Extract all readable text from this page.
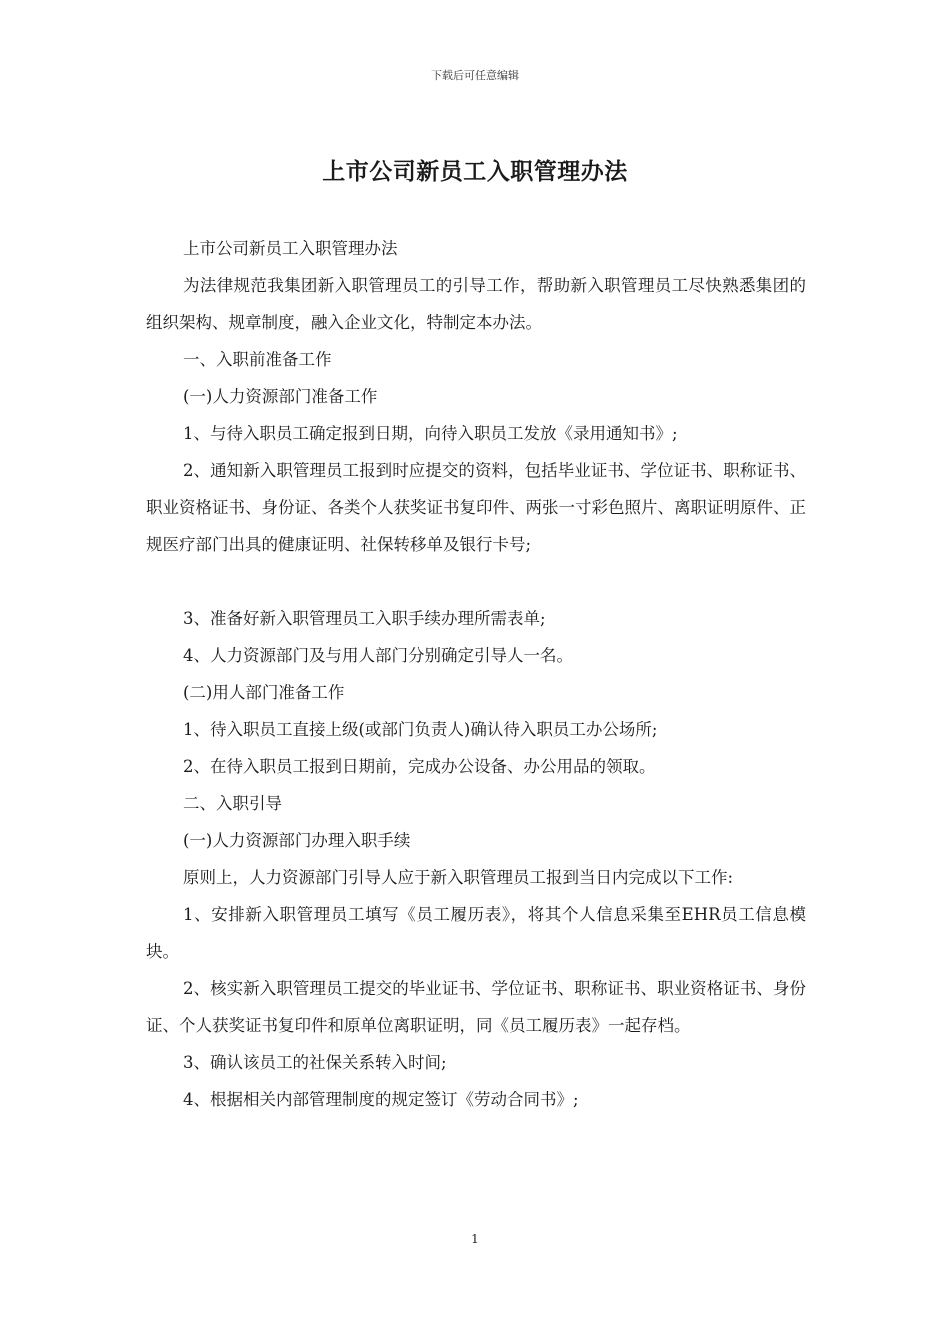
下载后可任意编辑
上市公司新员工入职管理办法

上市公司新员工入职管理办法

为法律规范我集团新入职管理员工的引导工作，帮助新入职管理员工尽快熟悉集团的组织架构、规章制度，融入企业文化，特制定本办法。

一、入职前准备工作

(一)人力资源部门准备工作

1、与待入职员工确定报到日期，向待入职员工发放《录用通知书》;

2、通知新入职管理员工报到时应提交的资料，包括毕业证书、学位证书、职称证书、职业资格证书、身份证、各类个人获奖证书复印件、两张一寸彩色照片、离职证明原件、正规医疗部门出具的健康证明、社保转移单及银行卡号;

3、准备好新入职管理员工入职手续办理所需表单;

4、人力资源部门及与用人部门分别确定引导人一名。

(二)用人部门准备工作

1、待入职员工直接上级(或部门负责人)确认待入职员工办公场所;

2、在待入职员工报到日期前，完成办公设备、办公用品的领取。

二、入职引导

(一)人力资源部门办理入职手续

原则上，人力资源部门引导人应于新入职管理员工报到当日内完成以下工作:

1、安排新入职管理员工填写《员工履历表》，将其个人信息采集至EHR员工信息模块。

2、核实新入职管理员工提交的毕业证书、学位证书、职称证书、职业资格证书、身份证、个人获奖证书复印件和原单位离职证明，同《员工履历表》一起存档。

3、确认该员工的社保关系转入时间;

4、根据相关内部管理制度的规定签订《劳动合同书》;

1
